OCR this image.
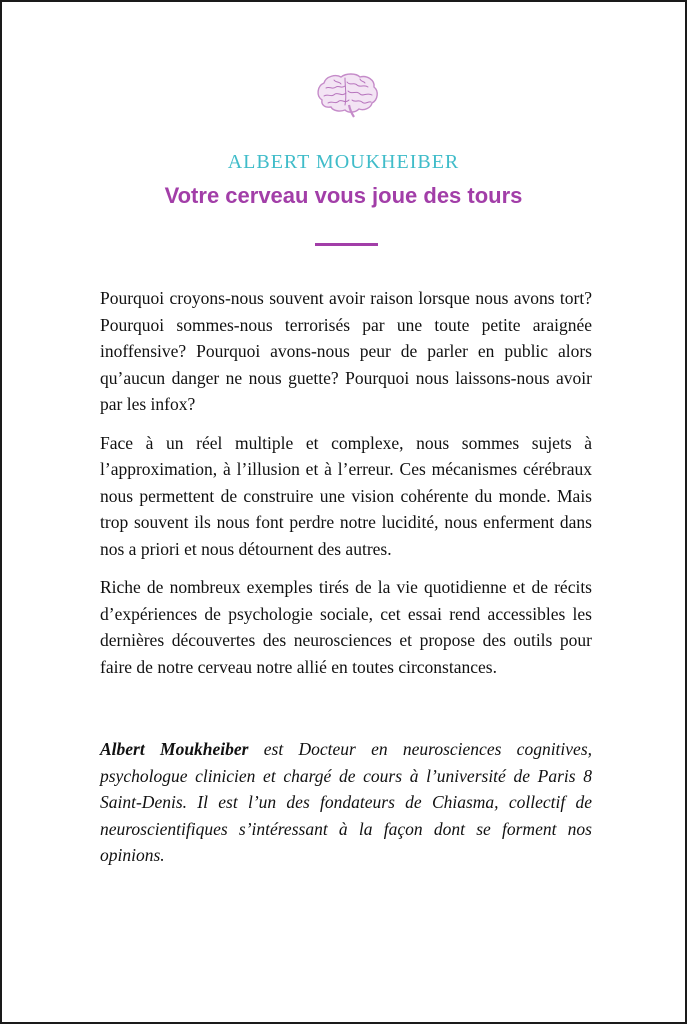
ALBERT MOUKHEIBER
Votre cerveau vous joue des tours

Pourquoi croyons-nous souvent avoir raison lorsque nous avons tort? Pourquoi sommes-nous terrorisés par une toute petite araignée inoffensive? Pourquoi avons-nous peur de parler en public alors qu’aucun danger ne nous guette? Pourquoi nous laissons-nous avoir par les infox?

Face à un réel multiple et complexe, nous sommes sujets à l’approximation, à l’illusion et à l’erreur. Ces mécanismes cérébraux nous permettent de construire une vision cohérente du monde. Mais trop souvent ils nous font perdre notre lucidité, nous enferment dans nos a priori et nous détournent des autres.

Riche de nombreux exemples tirés de la vie quotidienne et de récits d’expériences de psychologie sociale, cet essai rend accessibles les dernières découvertes des neurosciences et propose des outils pour faire de notre cerveau notre allié en toutes circonstances.

Albert Moukheiber est Docteur en neurosciences cognitives, psychologue clinicien et chargé de cours à l’université de Paris 8 Saint-Denis. Il est l’un des fondateurs de Chiasma, collectif de neuroscientifiques s’intéressant à la façon dont se forment nos opinions.
